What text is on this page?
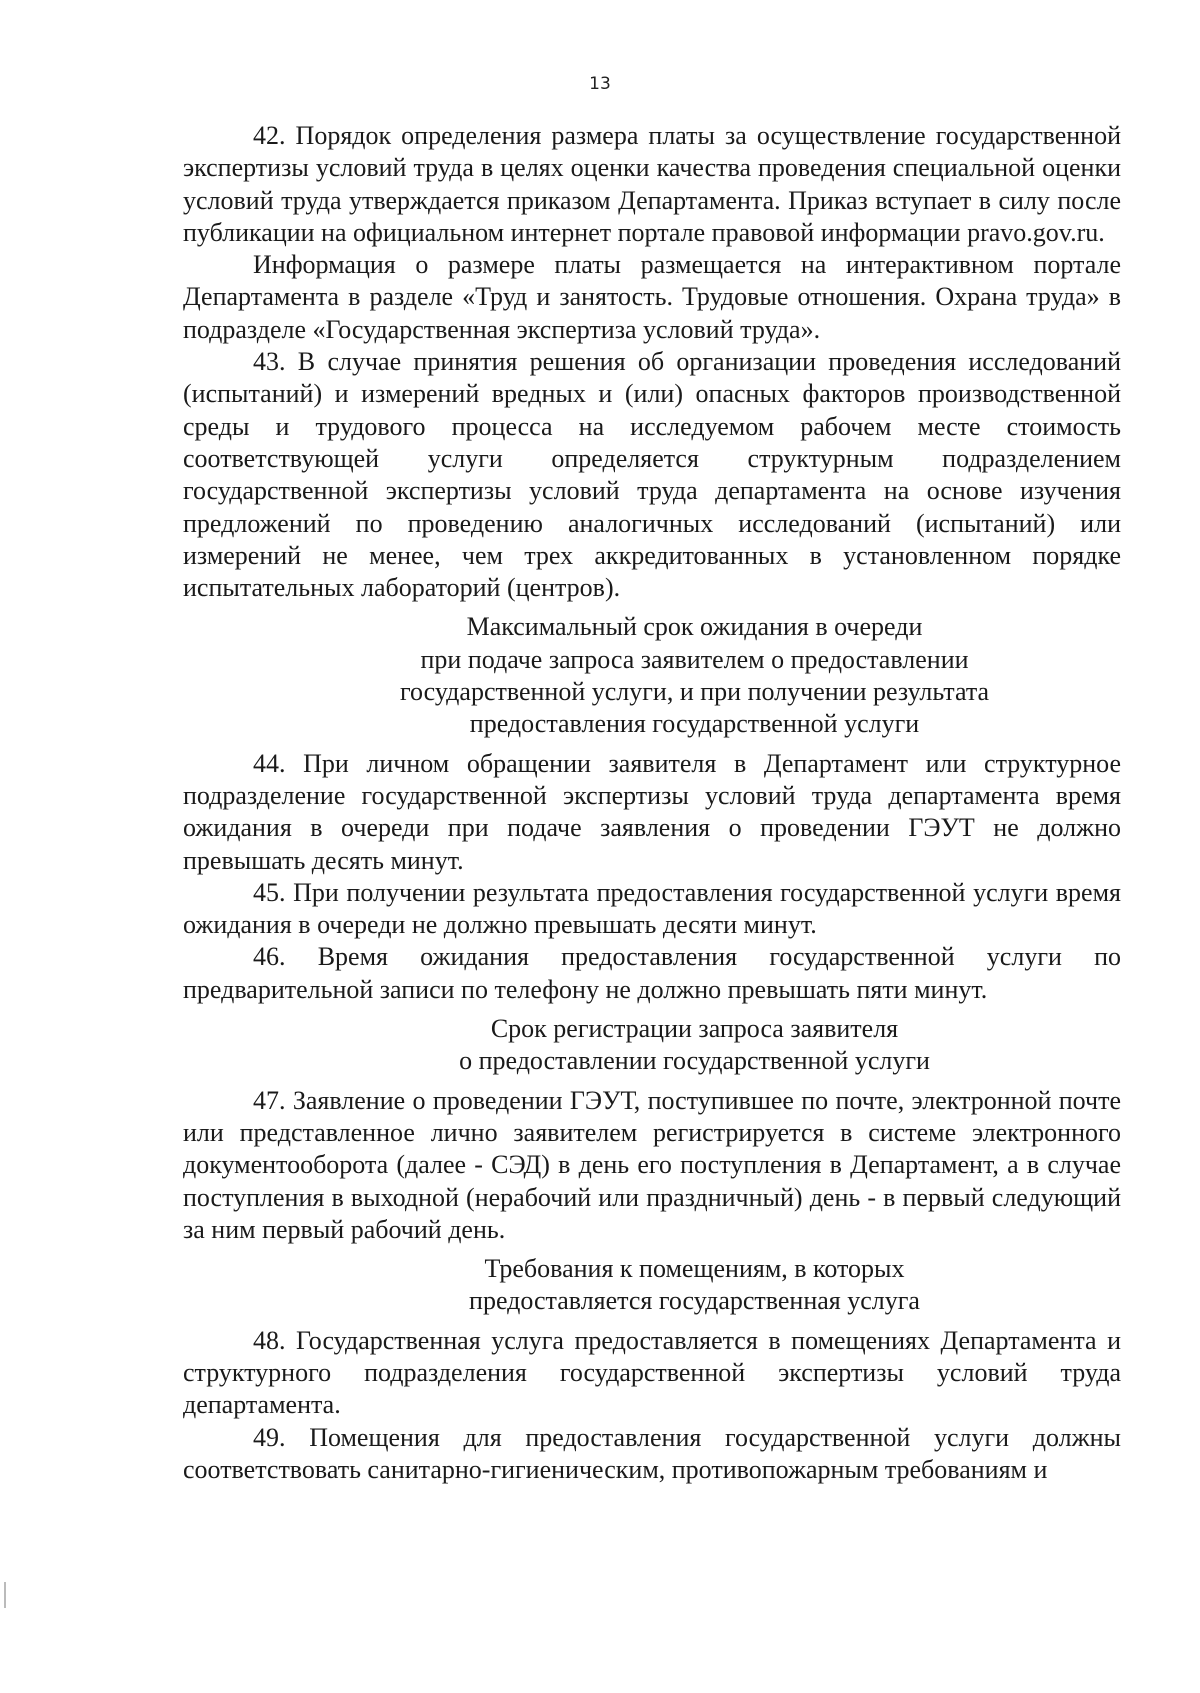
13

42. Порядок определения размера платы за осуществление государственной экспертизы условий труда в целях оценки качества проведения специальной оценки условий труда утверждается приказом Департамента. Приказ вступает в силу после публикации на официальном интернет портале правовой информации pravo.gov.ru.

Информация о размере платы размещается на интерактивном портале Департамента в разделе «Труд и занятость. Трудовые отношения. Охрана труда» в подразделе «Государственная экспертиза условий труда».

43. В случае принятия решения об организации проведения исследований (испытаний) и измерений вредных и (или) опасных факторов производственной среды и трудового процесса на исследуемом рабочем месте стоимость соответствующей услуги определяется структурным подразделением государственной экспертизы условий труда департамента на основе изучения предложений по проведению аналогичных исследований (испытаний) или измерений не менее, чем трех аккредитованных в установленном порядке испытательных лабораторий (центров).

Максимальный срок ожидания в очереди
при подаче запроса заявителем о предоставлении
государственной услуги, и при получении результата
предоставления государственной услуги

44. При личном обращении заявителя в Департамент или структурное подразделение государственной экспертизы условий труда департамента время ожидания в очереди при подаче заявления о проведении ГЭУТ не должно превышать десять минут.

45. При получении результата предоставления государственной услуги время ожидания в очереди не должно превышать десяти минут.

46. Время ожидания предоставления государственной услуги по предварительной записи по телефону не должно превышать пяти минут.

Срок регистрации запроса заявителя
о предоставлении государственной услуги

47. Заявление о проведении ГЭУТ, поступившее по почте, электронной почте или представленное лично заявителем регистрируется в системе электронного документооборота (далее - СЭД) в день его поступления в Департамент, а в случае поступления в выходной (нерабочий или праздничный) день - в первый следующий за ним первый рабочий день.

Требования к помещениям, в которых
предоставляется государственная услуга

48. Государственная услуга предоставляется в помещениях Департамента и структурного подразделения государственной экспертизы условий труда департамента.

49. Помещения для предоставления государственной услуги должны соответствовать санитарно-гигиеническим, противопожарным требованиям и
